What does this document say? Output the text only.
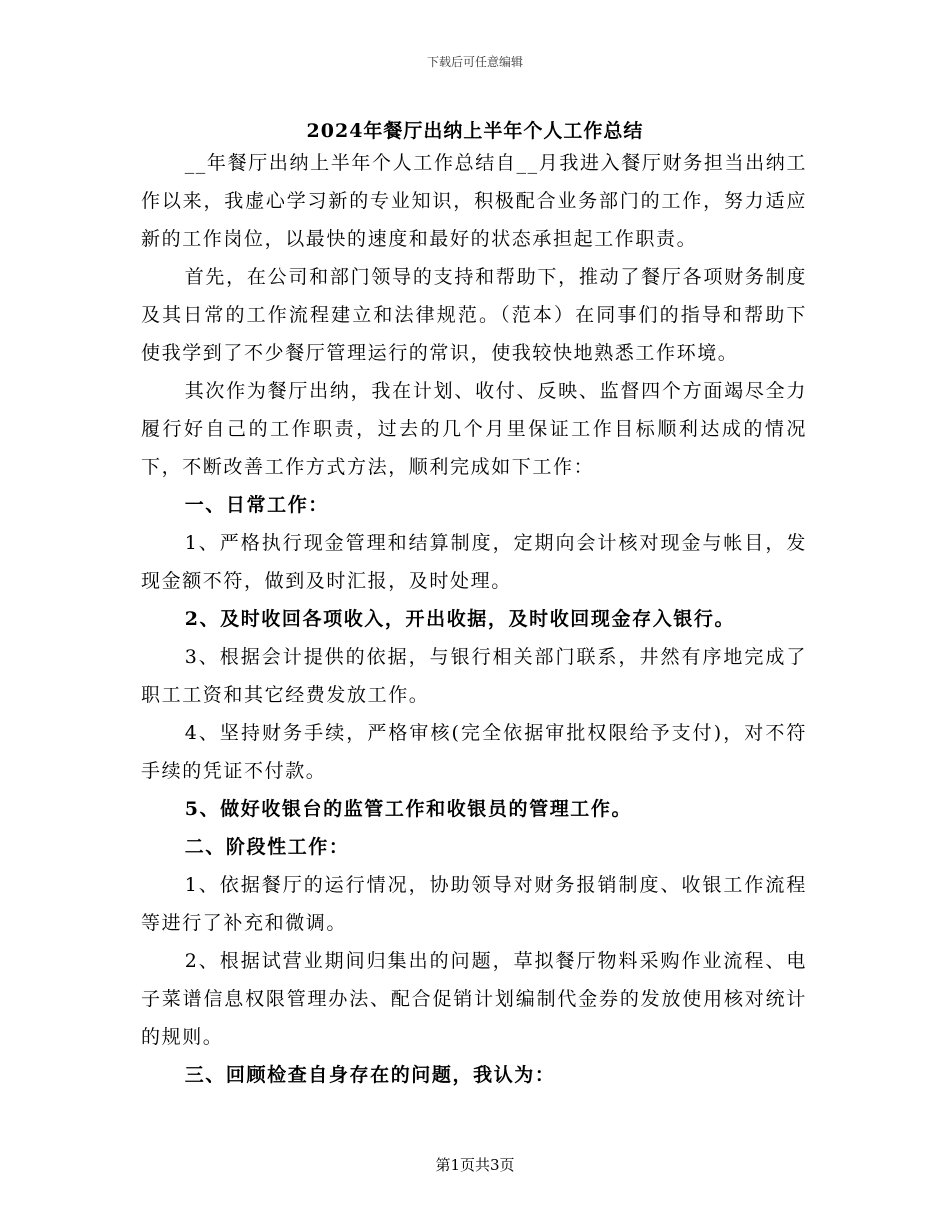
下载后可任意编辑
2024年餐厅出纳上半年个人工作总结

__年餐厅出纳上半年个人工作总结自__月我进入餐厅财务担当出纳工作以来，我虚心学习新的专业知识，积极配合业务部门的工作，努力适应新的工作岗位，以最快的速度和最好的状态承担起工作职责。

首先，在公司和部门领导的支持和帮助下，推动了餐厅各项财务制度及其日常的工作流程建立和法律规范。（范本）在同事们的指导和帮助下使我学到了不少餐厅管理运行的常识，使我较快地熟悉工作环境。

其次作为餐厅出纳，我在计划、收付、反映、监督四个方面竭尽全力履行好自己的工作职责，过去的几个月里保证工作目标顺利达成的情况下，不断改善工作方式方法，顺利完成如下工作：

一、日常工作：

1、严格执行现金管理和结算制度，定期向会计核对现金与帐目，发现金额不符，做到及时汇报，及时处理。

2、及时收回各项收入，开出收据，及时收回现金存入银行。

3、根据会计提供的依据，与银行相关部门联系，井然有序地完成了职工工资和其它经费发放工作。

4、坚持财务手续，严格审核(完全依据审批权限给予支付)，对不符手续的凭证不付款。

5、做好收银台的监管工作和收银员的管理工作。

二、阶段性工作：

1、依据餐厅的运行情况，协助领导对财务报销制度、收银工作流程等进行了补充和微调。

2、根据试营业期间归集出的问题，草拟餐厅物料采购作业流程、电子菜谱信息权限管理办法、配合促销计划编制代金券的发放使用核对统计的规则。

三、回顾检查自身存在的问题，我认为：

第1页共3页
